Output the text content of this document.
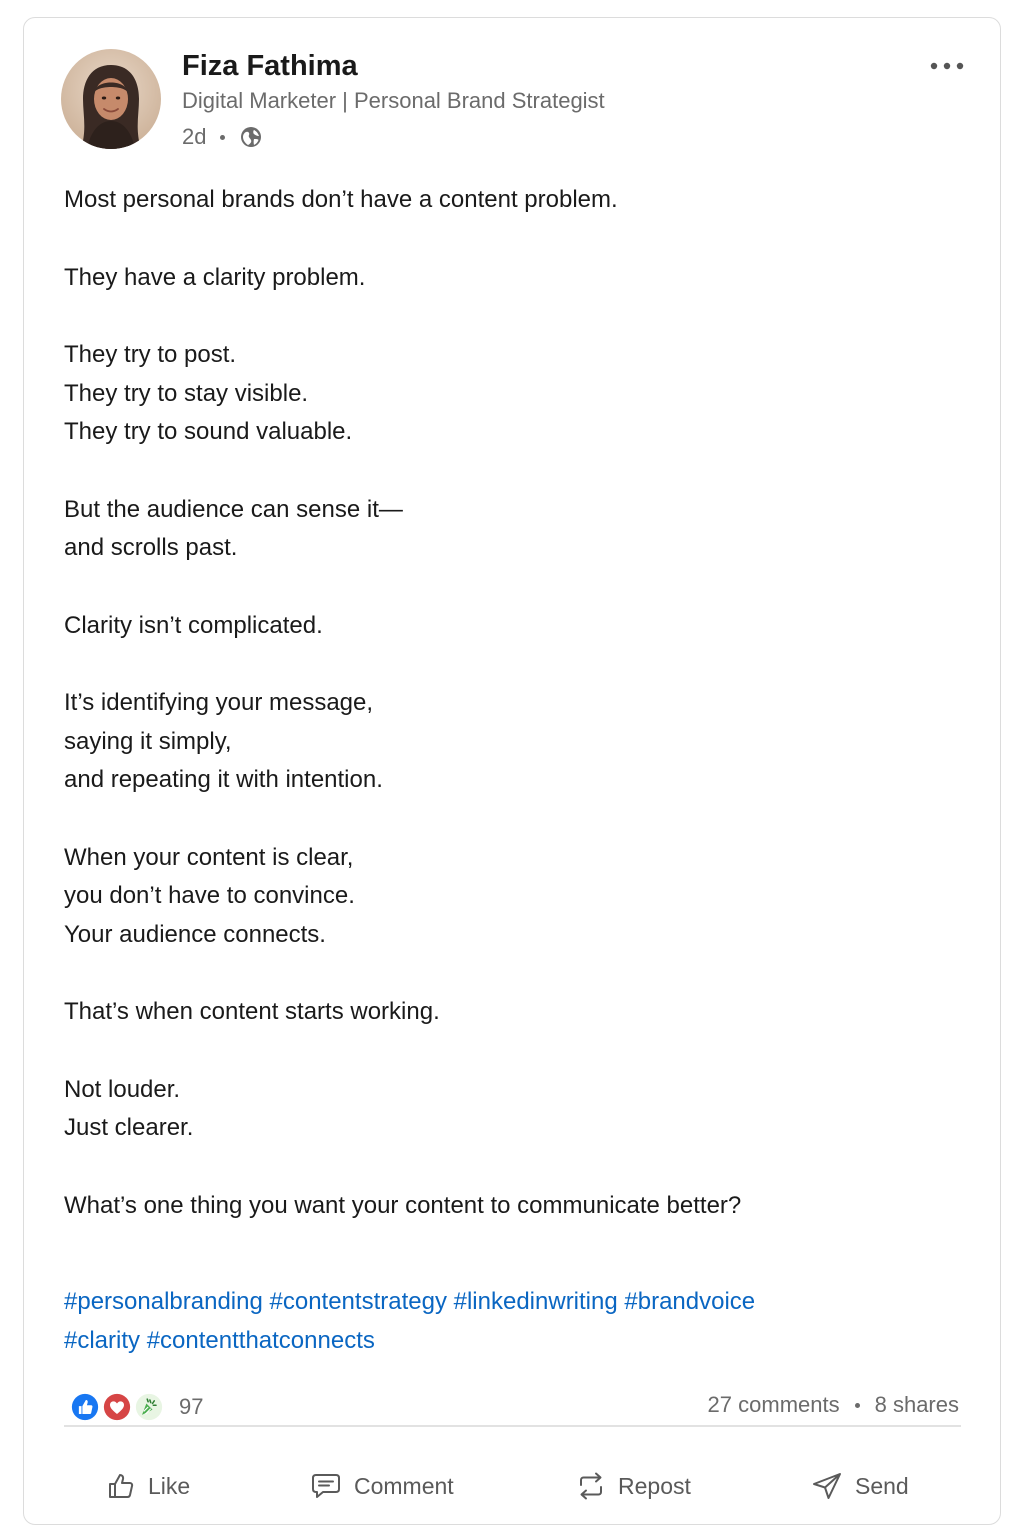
Fiza Fathima
Digital Marketer | Personal Brand Strategist
2d
Most personal brands don’t have a content problem.
They have a clarity problem.
They try to post.
They try to stay visible.
They try to sound valuable.
But the audience can sense it—
and scrolls past.
Clarity isn’t complicated.
It’s identifying your message,
saying it simply,
and repeating it with intention.
When your content is clear,
you don’t have to convince.
Your audience connects.
That’s when content starts working.
Not louder.
Just clearer.
What’s one thing you want your content to communicate better?
#personalbranding #contentstrategy #linkedinwriting #brandvoice
#clarity #contentthatconnects
97	27 comments 8 shares
Like	Comment	Repost	Send
